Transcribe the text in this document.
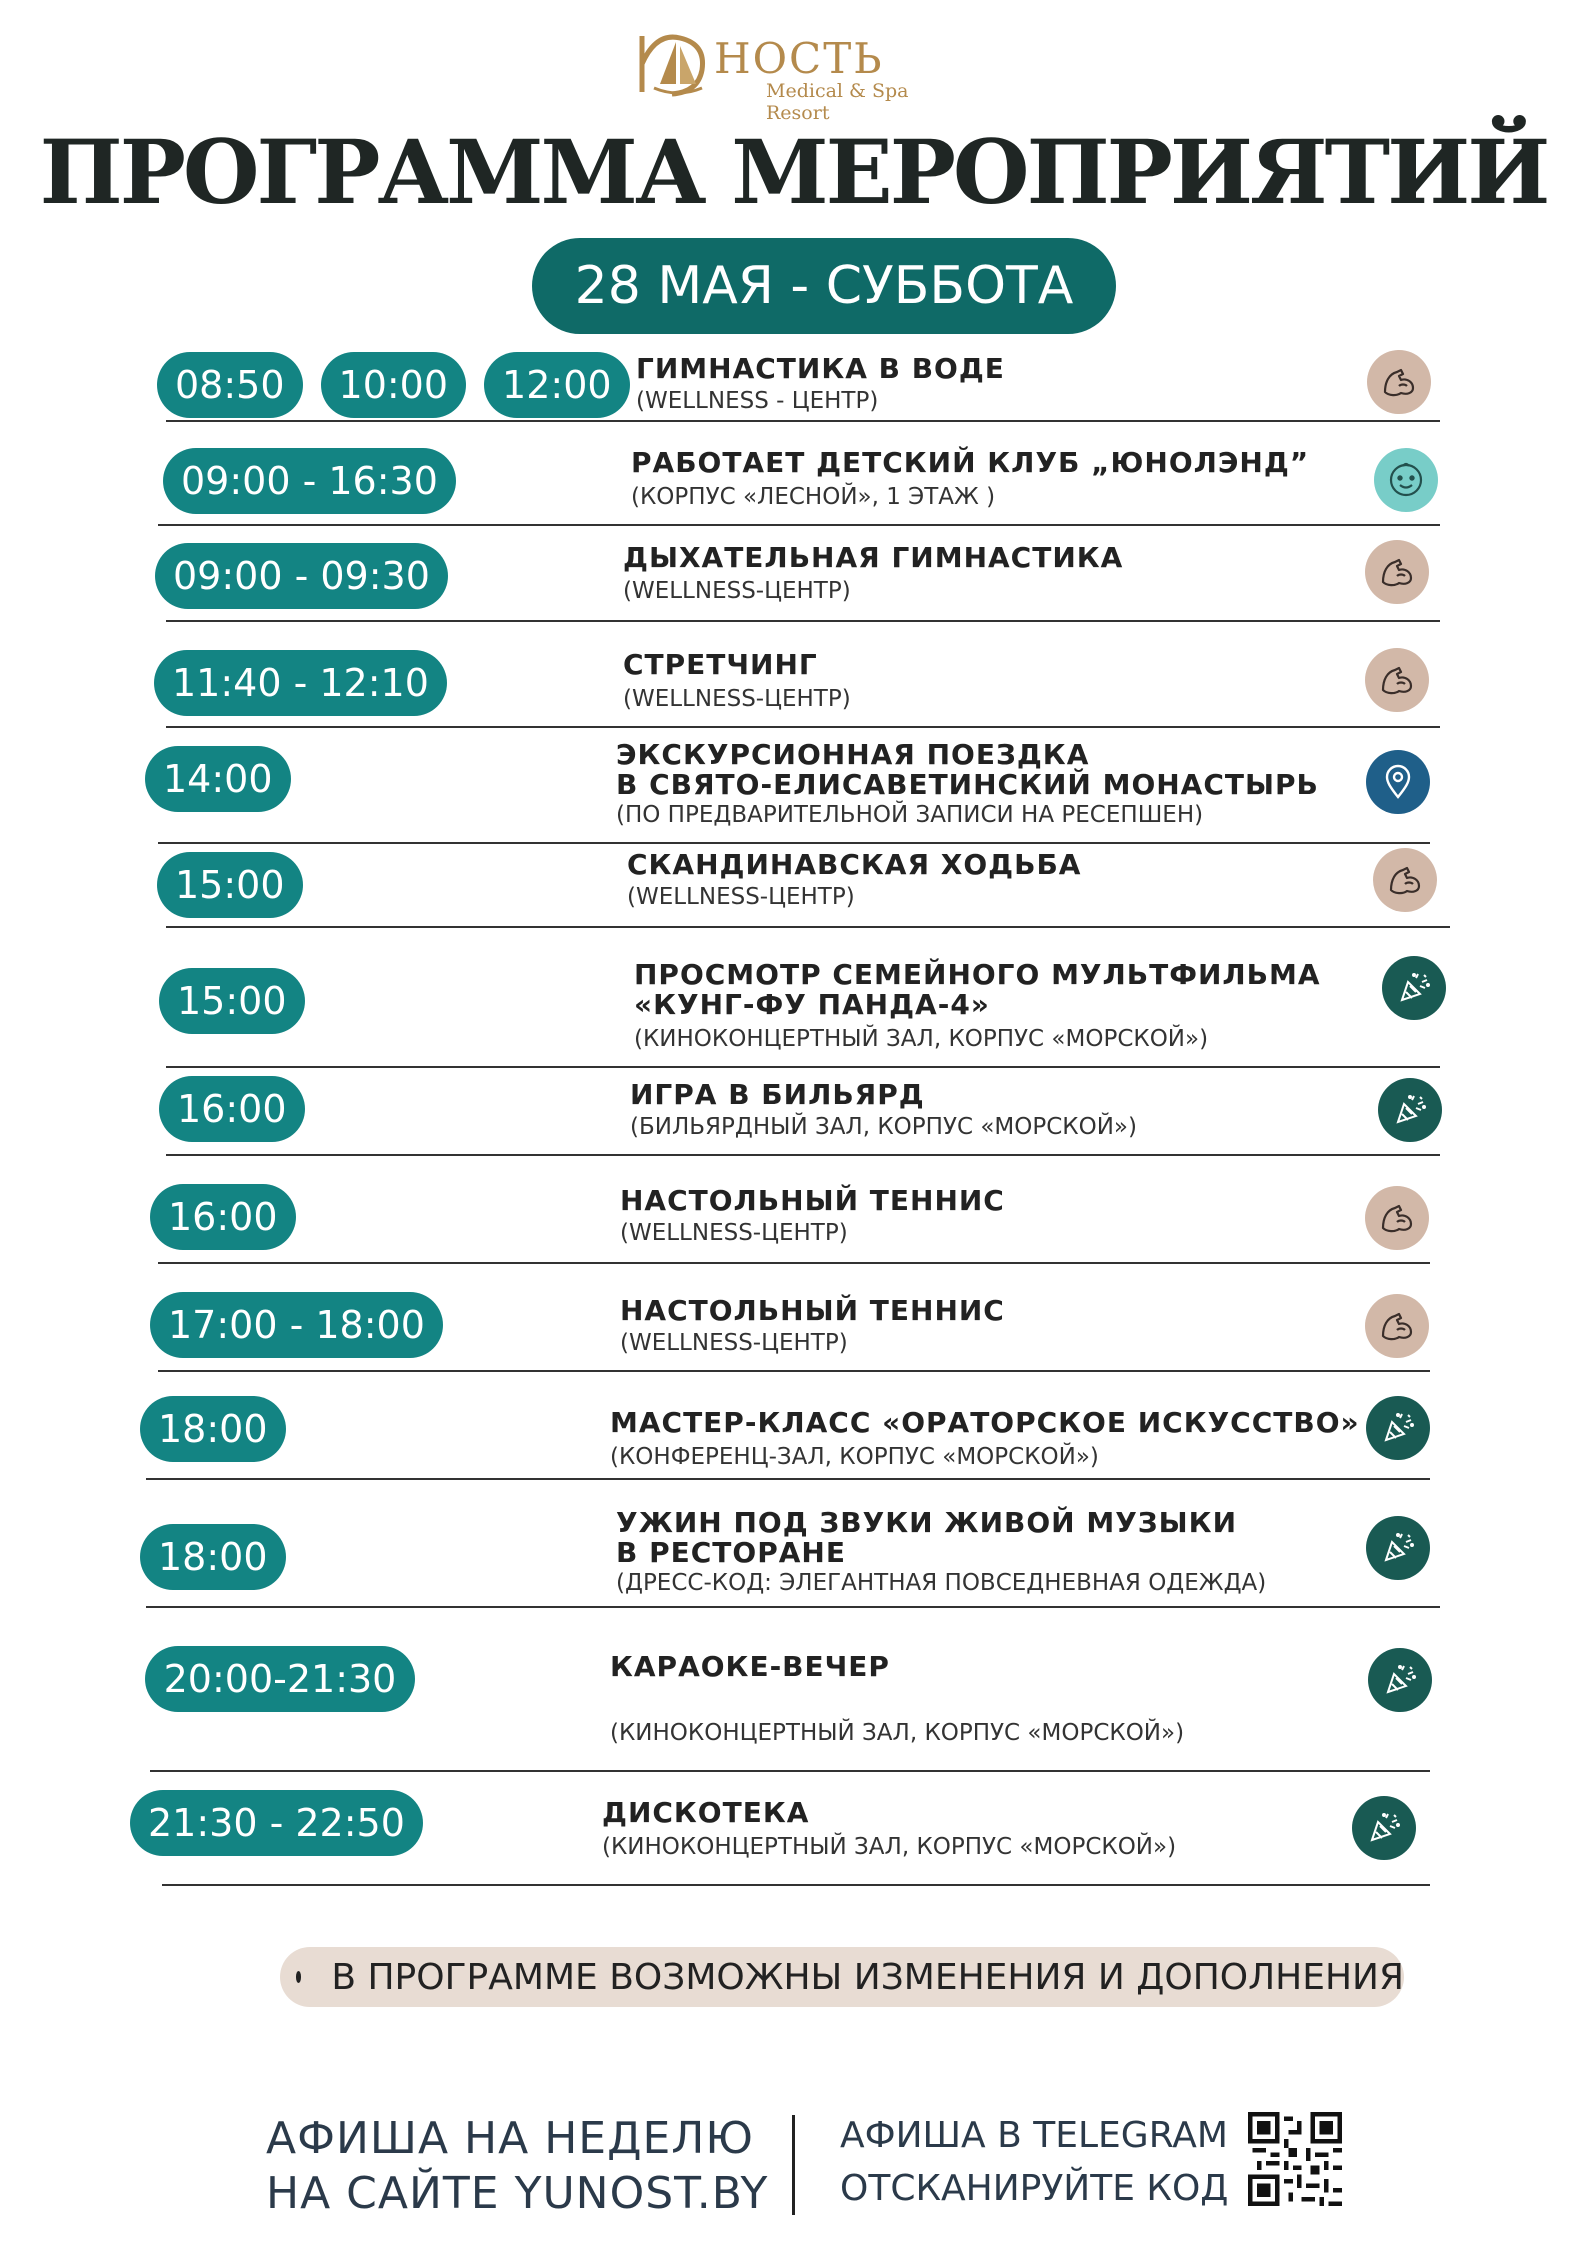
НОСТЬ
Medical & Spa Resort
ПРОГРАММА МЕРОПРИЯТИЙ
28 МАЯ - СУББОТА
08:50	10:00	12:00 ГИМНАСТИКА В ВОДЕ
(WELLNESS - ЦЕНТР)
09:00 - 16:30	РАБОТАЕТ ДЕТСКИЙ КЛУБ „ЮНОЛЭНД”
(КОРПУС «ЛЕСНОЙ», 1 ЭТАЖ )
09:00 - 09:30	ДЫХАТЕЛЬНАЯ ГИМНАСТИКА
(WELLNESS-ЦЕНТР)
11:40 - 12:10	СТРЕТЧИНГ
(WELLNESS-ЦЕНТР)
14:00
ЭКСКУРСИОННАЯ ПОЕЗДКА
В СВЯТО-ЕЛИСАВЕТИНСКИЙ МОНАСТЫРЬ
(ПО ПРЕДВАРИТЕЛЬНОЙ ЗАПИСИ НА РЕСЕПШЕН)
15:00	СКАНДИНАВСКАЯ ХОДЬБА
(WELLNESS-ЦЕНТР)
15:00
ПРОСМОТР СЕМЕЙНОГО МУЛЬТФИЛЬМА
«КУНГ-ФУ ПАНДА-4»
(КИНОКОНЦЕРТНЫЙ ЗАЛ, КОРПУС «МОРСКОЙ»)
16:00	ИГРА В БИЛЬЯРД
(БИЛЬЯРДНЫЙ ЗАЛ, КОРПУС «МОРСКОЙ»)
16:00	НАСТОЛЬНЫЙ ТЕННИС
(WELLNESS-ЦЕНТР)
17:00 - 18:00	НАСТОЛЬНЫЙ ТЕННИС
(WELLNESS-ЦЕНТР)
18:00	МАСТЕР-КЛАСС «ОРАТОРСКОЕ ИСКУССТВО»
(КОНФЕРЕНЦ-ЗАЛ, КОРПУС «МОРСКОЙ»)
18:00
УЖИН ПОД ЗВУКИ ЖИВОЙ МУЗЫКИ
В РЕСТОРАНЕ
(ДРЕСС-КОД: ЭЛЕГАНТНАЯ ПОВСЕДНЕВНАЯ ОДЕЖДА)
20:00-21:30	КАРАОКЕ-ВЕЧЕР
(КИНОКОНЦЕРТНЫЙ ЗАЛ, КОРПУС «МОРСКОЙ»)
21:30 - 22:50	ДИСКОТЕКА
(КИНОКОНЦЕРТНЫЙ ЗАЛ, КОРПУС «МОРСКОЙ»)
В ПРОГРАММЕ ВОЗМОЖНЫ ИЗМЕНЕНИЯ И ДОПОЛНЕНИЯ
АФИША НА НЕДЕЛЮ
НА САЙТЕ YUNOST.BY
АФИША В TELEGRAM
ОТСКАНИРУЙТЕ КОД
